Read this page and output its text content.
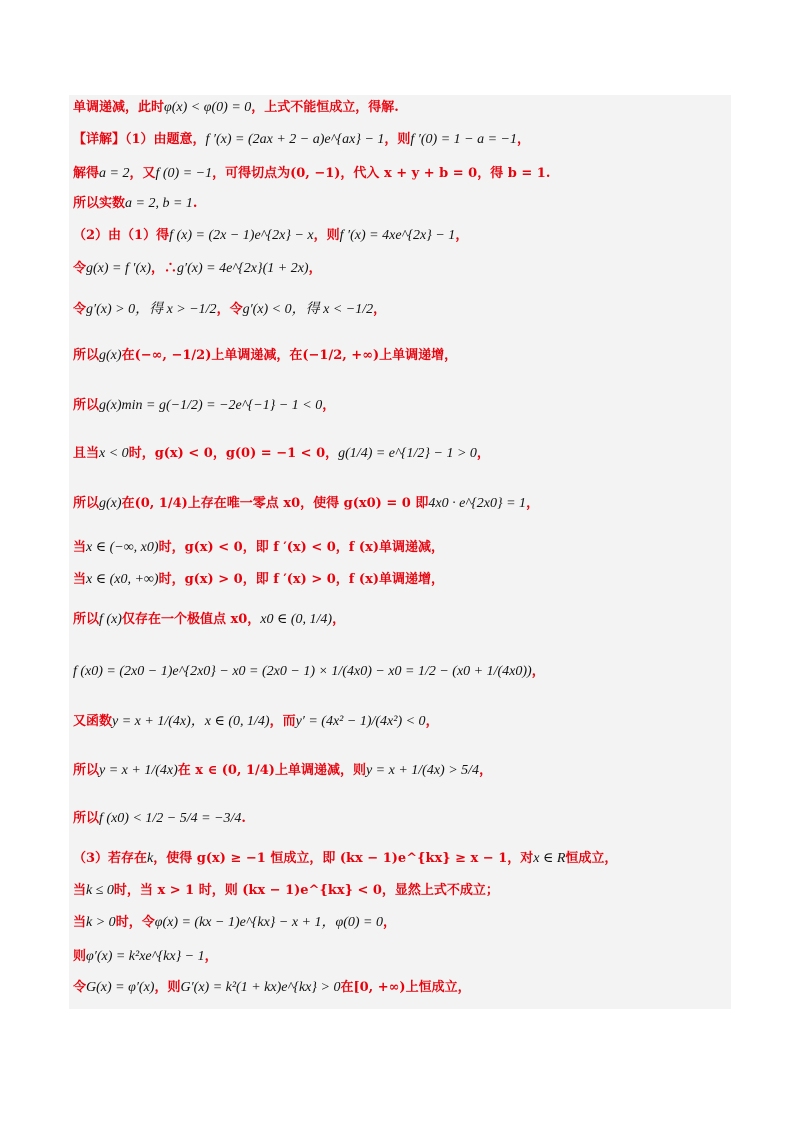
单调递减，此时φ(x) < φ(0) = 0，上式不能恒成立，得解.
【详解】（1）由题意，f ′(x) = (2ax + 2 − a)e^{ax} − 1，则f ′(0) = 1 − a = −1，
解得a = 2，又f (0) = −1，可得切点为(0, −1)，代入 x + y + b = 0，得 b = 1.
所以实数a = 2, b = 1.
（2）由（1）得f (x) = (2x − 1)e^{2x} − x，则f ′(x) = 4xe^{2x} − 1，
令g(x) = f ′(x)，∴g′(x) = 4e^{2x}(1 + 2x)，
令g′(x) > 0，得 x > −1/2，令g′(x) < 0，得 x < −1/2，
所以g(x)在(−∞, −1/2)上单调递减，在(−1/2, +∞)上单调递增，
所以g(x)min = g(−1/2) = −2e^{−1} − 1 < 0，
且当x < 0时，g(x) < 0，g(0) = −1 < 0，g(1/4) = e^{1/2} − 1 > 0，
所以g(x)在(0, 1/4)上存在唯一零点 x0，使得 g(x0) = 0 即4x0 · e^{2x0} = 1，
当x ∈ (−∞, x0)时，g(x) < 0，即 f ′(x) < 0，f (x)单调递减，
当x ∈ (x0, +∞)时，g(x) > 0，即 f ′(x) > 0，f (x)单调递增，
所以f (x)仅存在一个极值点 x0，x0 ∈ (0, 1/4)，
f (x0) = (2x0 − 1)e^{2x0} − x0 = (2x0 − 1) × 1/(4x0) − x0 = 1/2 − (x0 + 1/(4x0))，
又函数y = x + 1/(4x)，x ∈ (0, 1/4)，而y′ = (4x² − 1)/(4x²) < 0，
所以y = x + 1/(4x)在 x ∈ (0, 1/4)上单调递减，则y = x + 1/(4x) > 5/4，
所以f (x0) < 1/2 − 5/4 = −3/4.
（3）若存在k，使得 g(x) ≥ −1 恒成立，即 (kx − 1)e^{kx} ≥ x − 1，对x ∈ R恒成立，
当k ≤ 0时，当 x > 1 时，则 (kx − 1)e^{kx} < 0，显然上式不成立；
当k > 0时，令φ(x) = (kx − 1)e^{kx} − x + 1，φ(0) = 0，
则φ′(x) = k²xe^{kx} − 1，
令G(x) = φ′(x)，则G′(x) = k²(1 + kx)e^{kx} > 0在[0, +∞)上恒成立，
